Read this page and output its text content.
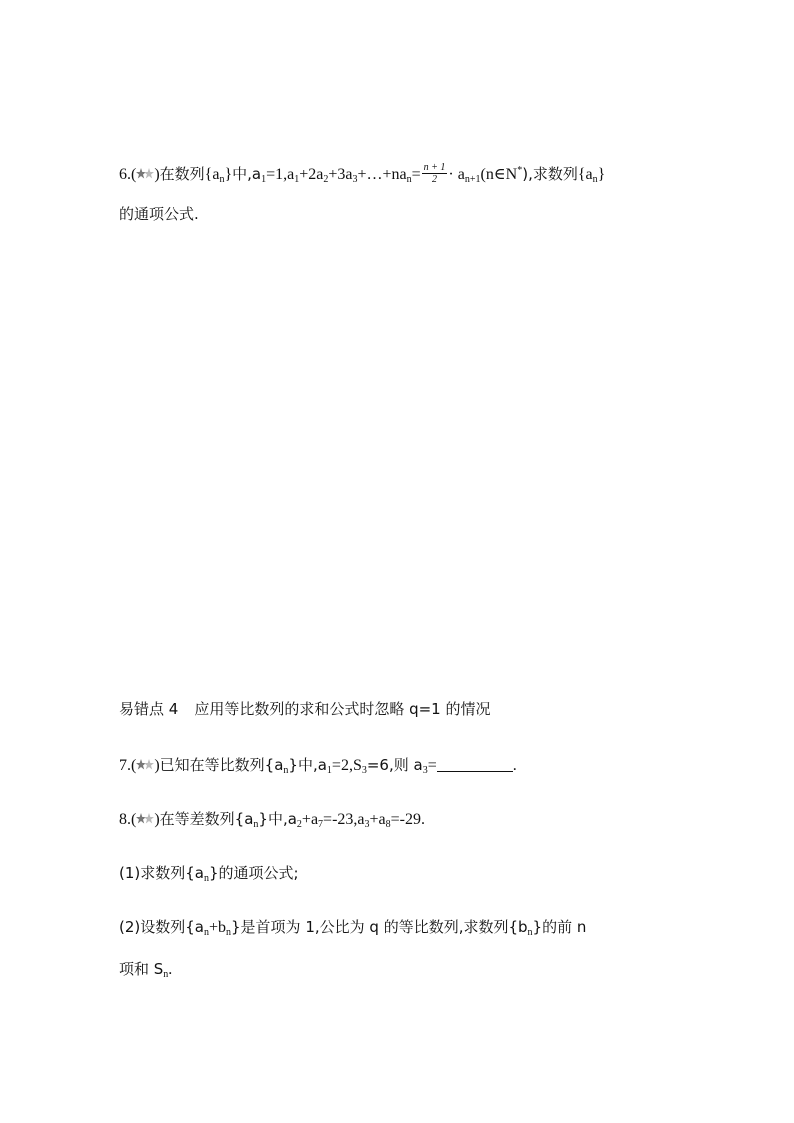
6.( )在数列$\{a_n\}$中$,a_1=1,a_1+2a_2+3a_3+\dots+na_n= \frac{n + 1}{2}$ · $a_{n+1}(n\in N^*)$,求数列$\{a_n\}$
的通项公式.
易错点 4 应用等比数列的求和公式时忽略 q=1 的情况
7.( )已知在等比数列$\{a_n\}$中$,a_1=2,S_3=6$,则 $a_3=$	.
8.( )在等差数列$\{a_n\}$中$,a_2+a_7=-23,a_3+a_8=-29$.
(1)求数列$\{a_n\}$的通项公式;
(2)设数列$\{a_n+b_n\}$是首项为 1,公比为 q 的等比数列,求数列$\{b_n\}$的前 n
项和 $S_n$.
